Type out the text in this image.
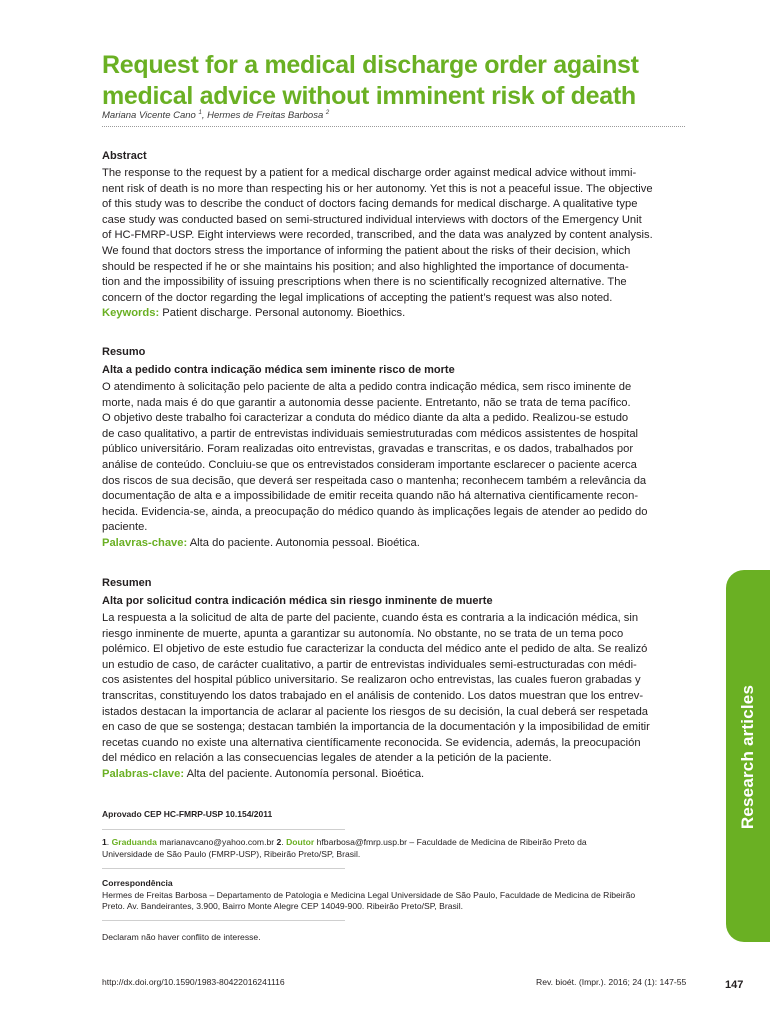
Request for a medical discharge order against
medical advice without imminent risk of death
Mariana Vicente Cano $^1$, Hermes de Freitas Barbosa $^2$
Abstract
The response to the request by a patient for a medical discharge order against medical advice without immi-
nent risk of death is no more than respecting his or her autonomy. Yet this is not a peaceful issue. The objective
of this study was to describe the conduct of doctors facing demands for medical discharge. A qualitative type
case study was conducted based on semi-structured individual interviews with doctors of the Emergency Unit
of HC-FMRP-USP. Eight interviews were recorded, transcribed, and the data was analyzed by content analysis.
We found that doctors stress the importance of informing the patient about the risks of their decision, which
should be respected if he or she maintains his position; and also highlighted the importance of documenta-
tion and the impossibility of issuing prescriptions when there is no scientifically recognized alternative. The
concern of the doctor regarding the legal implications of accepting the patient’s request was also noted.
Keywords: Patient discharge. Personal autonomy. Bioethics.
Resumo
Alta a pedido contra indicação médica sem iminente risco de morte
O atendimento à solicitação pelo paciente de alta a pedido contra indicação médica, sem risco iminente de
morte, nada mais é do que garantir a autonomia desse paciente. Entretanto, não se trata de tema pacífico.
O objetivo deste trabalho foi caracterizar a conduta do médico diante da alta a pedido. Realizou-se estudo
de caso qualitativo, a partir de entrevistas individuais semiestruturadas com médicos assistentes de hospital
público universitário. Foram realizadas oito entrevistas, gravadas e transcritas, e os dados, trabalhados por
análise de conteúdo. Concluiu-se que os entrevistados consideram importante esclarecer o paciente acerca
dos riscos de sua decisão, que deverá ser respeitada caso o mantenha; reconhecem também a relevância da
documentação de alta e a impossibilidade de emitir receita quando não há alternativa cientificamente recon-
hecida. Evidencia-se, ainda, a preocupação do médico quando às implicações legais de atender ao pedido do
paciente.
Palavras-chave: Alta do paciente. Autonomia pessoal. Bioética.
Resumen
Alta por solicitud contra indicación médica sin riesgo inminente de muerte
La respuesta a la solicitud de alta de parte del paciente, cuando ésta es contraria a la indicación médica, sin
riesgo inminente de muerte, apunta a garantizar su autonomía. No obstante, no se trata de un tema poco
polémico. El objetivo de este estudio fue caracterizar la conducta del médico ante el pedido de alta. Se realizó
un estudio de caso, de carácter cualitativo, a partir de entrevistas individuales semi-estructuradas con médi-
cos asistentes del hospital público universitario. Se realizaron ocho entrevistas, las cuales fueron grabadas y
transcritas, constituyendo los datos trabajado en el análisis de contenido. Los datos muestran que los entrev-
istados destacan la importancia de aclarar al paciente los riesgos de su decisión, la cual deberá ser respetada
en caso de que se sostenga; destacan también la importancia de la documentación y la imposibilidad de emitir
recetas cuando no existe una alternativa científicamente reconocida. Se evidencia, además, la preocupación
del médico en relación a las consecuencias legales de atender a la petición de la paciente.
Palabras-clave: Alta del paciente. Autonomía personal. Bioética.
Aprovado CEP HC-FMRP-USP 10.154/2011
1. Graduanda marianavcano@yahoo.com.br 2. Doutor hfbarbosa@fmrp.usp.br – Faculdade de Medicina de Ribeirão Preto da
Universidade de São Paulo (FMRP-USP), Ribeirão Preto/SP, Brasil.
Correspondência
Hermes de Freitas Barbosa – Departamento de Patologia e Medicina Legal Universidade de São Paulo, Faculdade de Medicina de Ribeirão
Preto. Av. Bandeirantes, 3.900, Bairro Monte Alegre CEP 14049-900. Ribeirão Preto/SP, Brasil.
Declaram não haver conflito de interesse.
http://dx.doi.org/10.1590/1983-80422016241116	Rev. bioét. (Impr.). 2016; 24 (1): 147-55	147
Research articles
